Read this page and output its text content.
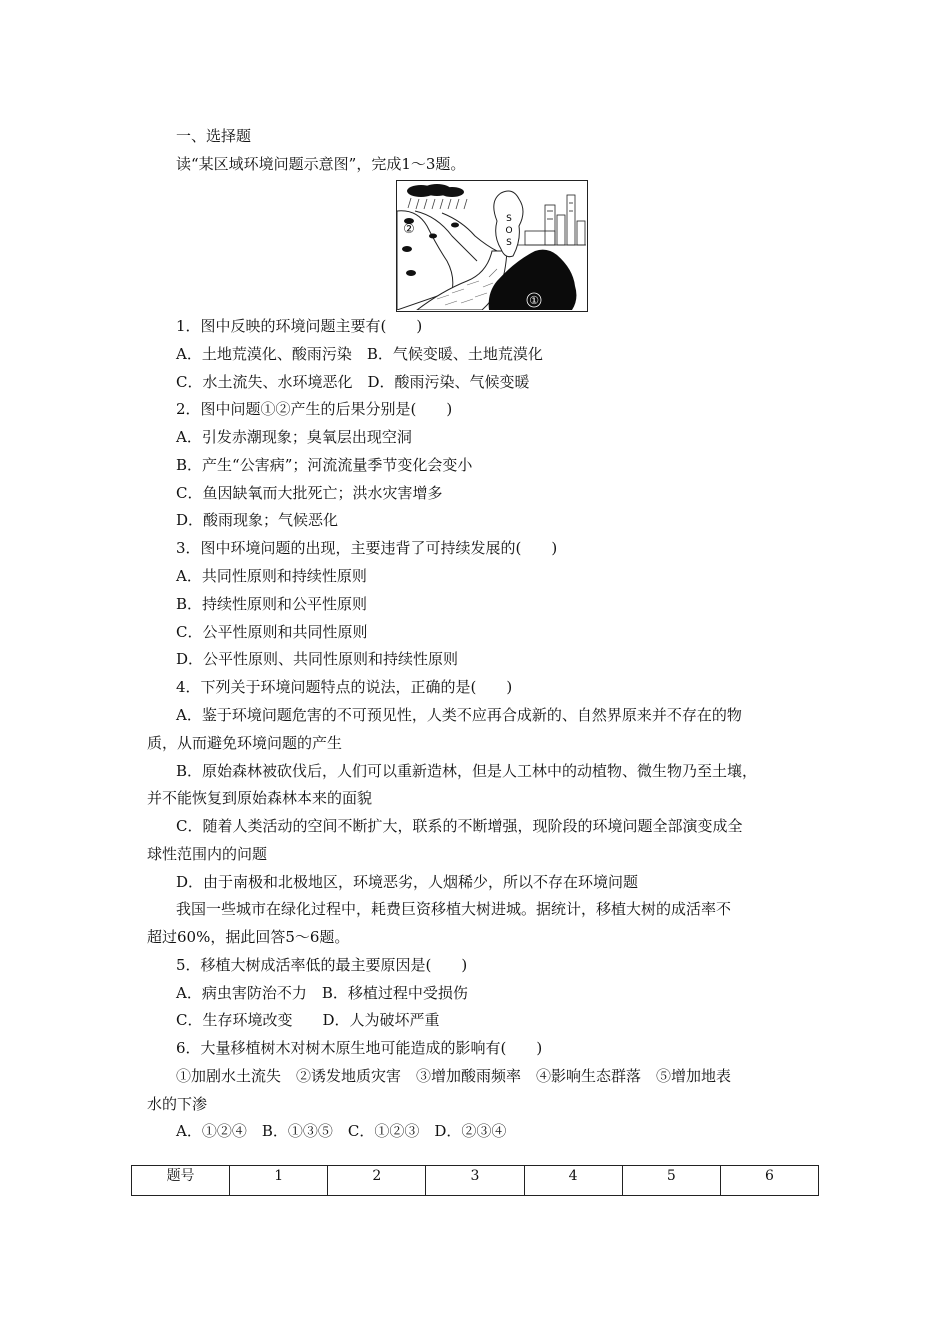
一、选择题
读“某区域环境问题示意图”，完成1～3题。
S
O
S
①
②
1．图中反映的环境问题主要有(　　)
A．土地荒漠化、酸雨污染　B．气候变暖、土地荒漠化
C．水土流失、水环境恶化　D．酸雨污染、气候变暖
2．图中问题①②产生的后果分别是(　　)
A．引发赤潮现象；臭氧层出现空洞
B．产生“公害病”；河流流量季节变化会变小
C．鱼因缺氧而大批死亡；洪水灾害增多
D．酸雨现象；气候恶化
3．图中环境问题的出现，主要违背了可持续发展的(　　)
A．共同性原则和持续性原则
B．持续性原则和公平性原则
C．公平性原则和共同性原则
D．公平性原则、共同性原则和持续性原则
4．下列关于环境问题特点的说法，正确的是(　　)
A．鉴于环境问题危害的不可预见性，人类不应再合成新的、自然界原来并不存在的物
质，从而避免环境问题的产生
B．原始森林被砍伐后，人们可以重新造林，但是人工林中的动植物、微生物乃至土壤，
并不能恢复到原始森林本来的面貌
C．随着人类活动的空间不断扩大，联系的不断增强，现阶段的环境问题全部演变成全
球性范围内的问题
D．由于南极和北极地区，环境恶劣，人烟稀少，所以不存在环境问题
我国一些城市在绿化过程中，耗费巨资移植大树进城。据统计，移植大树的成活率不
超过60%，据此回答5～6题。
5．移植大树成活率低的最主要原因是(　　)
A．病虫害防治不力　B．移植过程中受损伤
C．生存环境改变　　D．人为破坏严重
6．大量移植树木对树木原生地可能造成的影响有(　　)
①加剧水土流失　②诱发地质灾害　③增加酸雨频率　④影响生态群落　⑤增加地表
水的下渗
A．①②④　B．①③⑤　C．①②③　D．②③④
题号	1	2	3	4	5	6
